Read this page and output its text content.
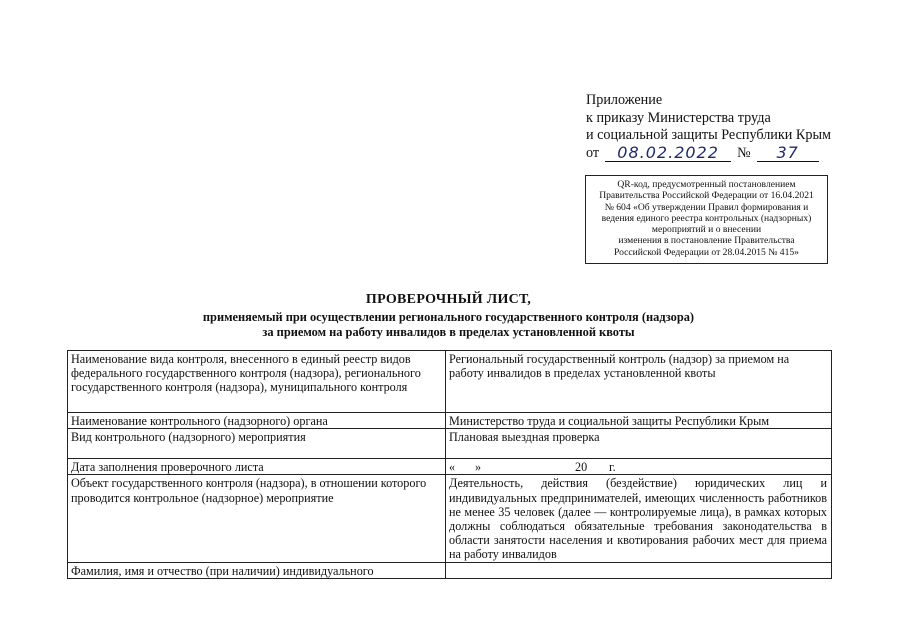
Приложение
к приказу Министерства труда
и социальной защиты Республики Крым
от	08.02.2022	№	37
QR-код, предусмотренный постановлением
Правительства Российской Федерации от 16.04.2021
№ 604 «Об утверждении Правил формирования и
ведения единого реестра контрольных (надзорных)
мероприятий и о внесении
изменения в постановление Правительства
Российской Федерации от 28.04.2015 № 415»
ПРОВЕРОЧНЫЙ ЛИСТ,
применяемый при осуществлении регионального государственного контроля (надзора)
за приемом на работу инвалидов в пределах установленной квоты
Наименование вида контроля, внесенного в единый реестр видов федерального государственного контроля (надзора), регионального государственного контроля (надзора), муниципального контроля	Региональный государственный контроль (надзор) за приемом на работу инвалидов в пределах установленной квоты
Наименование контрольного (надзорного) органа	Министерство труда и социальной защиты Республики Крым
Вид контрольного (надзорного) мероприятия	Плановая выездная проверка
Дата заполнения проверочного листа	« » 20 г.
Объект государственного контроля (надзора), в отношении которого проводится контрольное (надзорное) мероприятие	Деятельность, действия (бездействие) юридических лиц и индивидуальных предпринимателей, имеющих численность работников не менее 35 человек (далее — контролируемые лица), в рамках которых должны соблюдаться обязательные требования законодательства в области занятости населения и квотирования рабочих мест для приема на работу инвалидов
Фамилия, имя и отчество (при наличии) индивидуального	
